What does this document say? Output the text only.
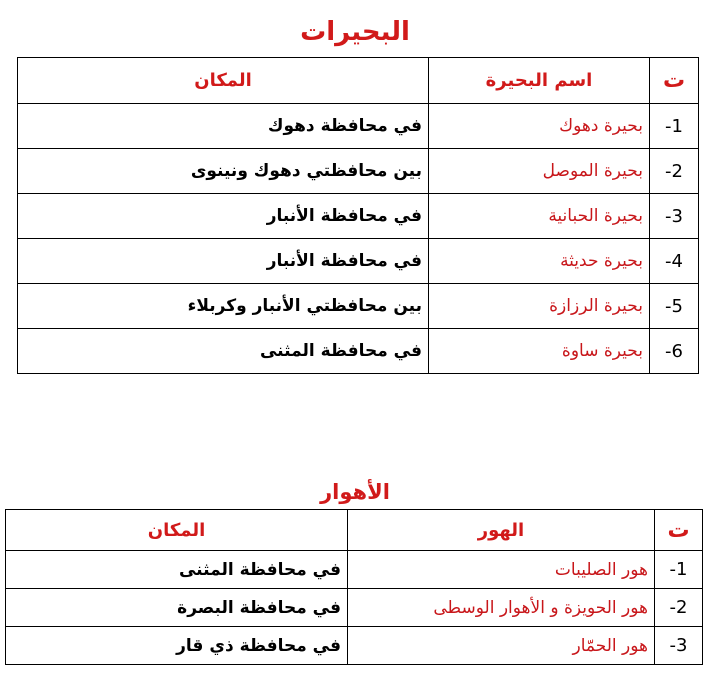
البحيرات
ت	اسم البحيرة	المكان
1-	بحيرة دهوك	في محافظة دهوك
2-	بحيرة الموصل	بين محافظتي دهوك ونينوى
3-	بحيرة الحبانية	في محافظة الأنبار
4-	بحيرة حديثة	في محافظة الأنبار
5-	بحيرة الرزازة	بين محافظتي الأنبار وكربلاء
6-	بحيرة ساوة	في محافظة المثنى
الأهوار
ت	الهور	المكان
1-	هور الصليبات	في محافظة المثنى
2-	هور الحويزة و الأهوار الوسطى	في محافظة البصرة
3-	هور الحمّار	في محافظة ذي قار
